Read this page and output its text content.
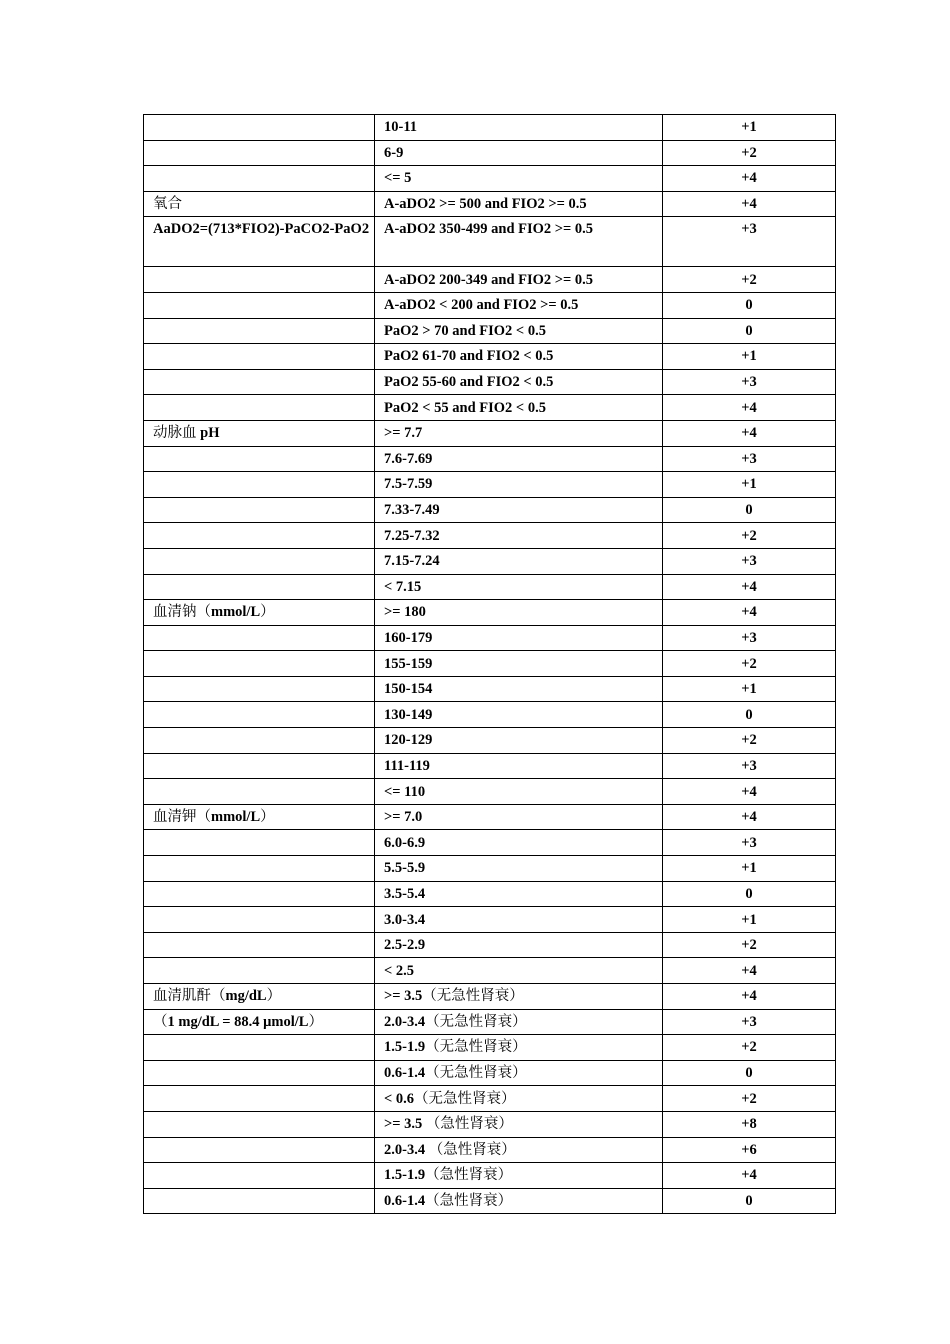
	10-11	+1
	6-9	+2
	<= 5	+4
氧合	A-aDO2 >= 500 and FIO2 >= 0.5	+4
AaDO2=(713*FIO2)-PaCO2-PaO2	A-aDO2 350-499 and FIO2 >= 0.5	+3
	A-aDO2 200-349 and FIO2 >= 0.5	+2
	A-aDO2 < 200 and FIO2 >= 0.5	0
	PaO2 > 70 and FIO2 < 0.5	0
	PaO2 61-70 and FIO2 < 0.5	+1
	PaO2 55-60 and FIO2 < 0.5	+3
	PaO2 < 55 and FIO2 < 0.5	+4
动脉血 pH	>= 7.7	+4
	7.6-7.69	+3
	7.5-7.59	+1
	7.33-7.49	0
	7.25-7.32	+2
	7.15-7.24	+3
	< 7.15	+4
血清钠（mmol/L）	>= 180	+4
	160-179	+3
	155-159	+2
	150-154	+1
	130-149	0
	120-129	+2
	111-119	+3
	<= 110	+4
血清钾（mmol/L）	>= 7.0	+4
	6.0-6.9	+3
	5.5-5.9	+1
	3.5-5.4	0
	3.0-3.4	+1
	2.5-2.9	+2
	< 2.5	+4
血清肌酐（mg/dL）	>= 3.5（无急性肾衰）	+4
（1 mg/dL = 88.4 μmol/L）	2.0-3.4（无急性肾衰）	+3
	1.5-1.9（无急性肾衰）	+2
	0.6-1.4（无急性肾衰）	0
	< 0.6（无急性肾衰）	+2
	>= 3.5 （急性肾衰）	+8
	2.0-3.4 （急性肾衰）	+6
	1.5-1.9（急性肾衰）	+4
	0.6-1.4（急性肾衰）	0
